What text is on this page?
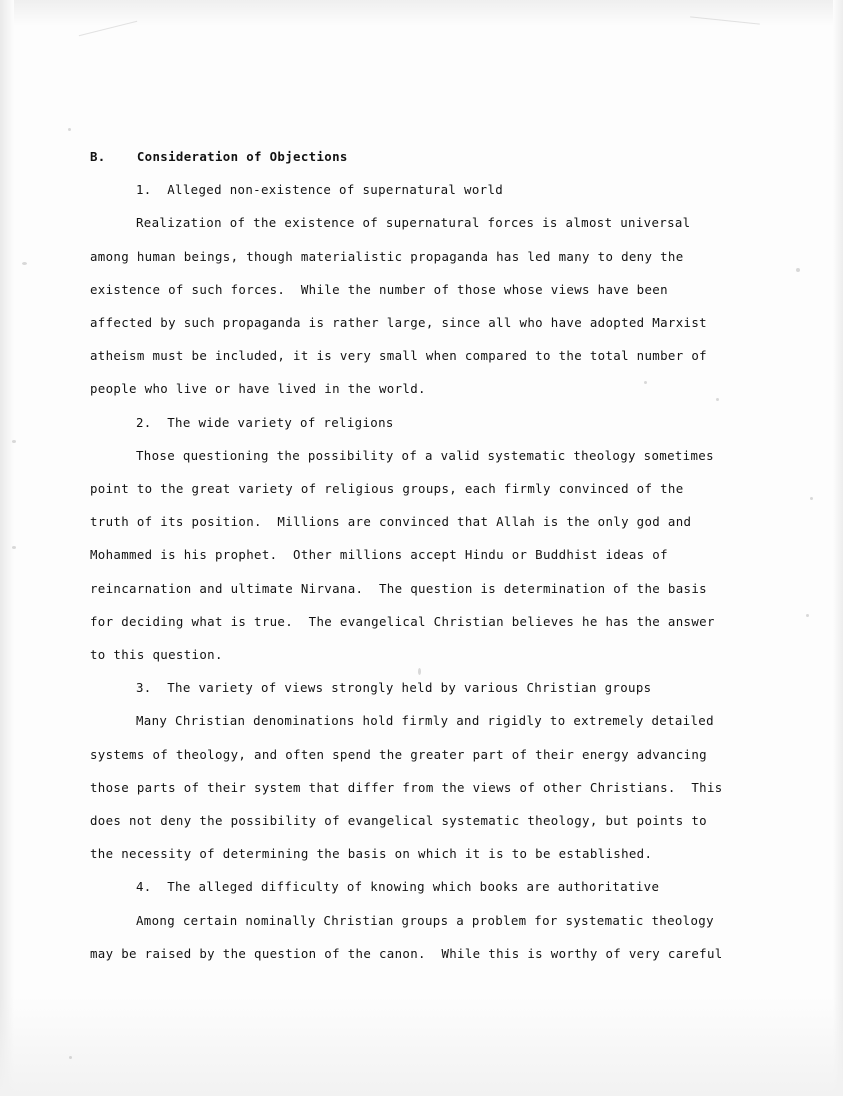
B.    Consideration of Objections
1.  Alleged non-existence of supernatural world
Realization of the existence of supernatural forces is almost universal
among human beings, though materialistic propaganda has led many to deny the
existence of such forces.  While the number of those whose views have been
affected by such propaganda is rather large, since all who have adopted Marxist
atheism must be included, it is very small when compared to the total number of
people who live or have lived in the world.
2.  The wide variety of religions
Those questioning the possibility of a valid systematic theology sometimes
point to the great variety of religious groups, each firmly convinced of the
truth of its position.  Millions are convinced that Allah is the only god and
Mohammed is his prophet.  Other millions accept Hindu or Buddhist ideas of
reincarnation and ultimate Nirvana.  The question is determination of the basis
for deciding what is true.  The evangelical Christian believes he has the answer
to this question.
3.  The variety of views strongly held by various Christian groups
Many Christian denominations hold firmly and rigidly to extremely detailed
systems of theology, and often spend the greater part of their energy advancing
those parts of their system that differ from the views of other Christians.  This
does not deny the possibility of evangelical systematic theology, but points to
the necessity of determining the basis on which it is to be established.
4.  The alleged difficulty of knowing which books are authoritative
Among certain nominally Christian groups a problem for systematic theology
may be raised by the question of the canon.  While this is worthy of very careful
